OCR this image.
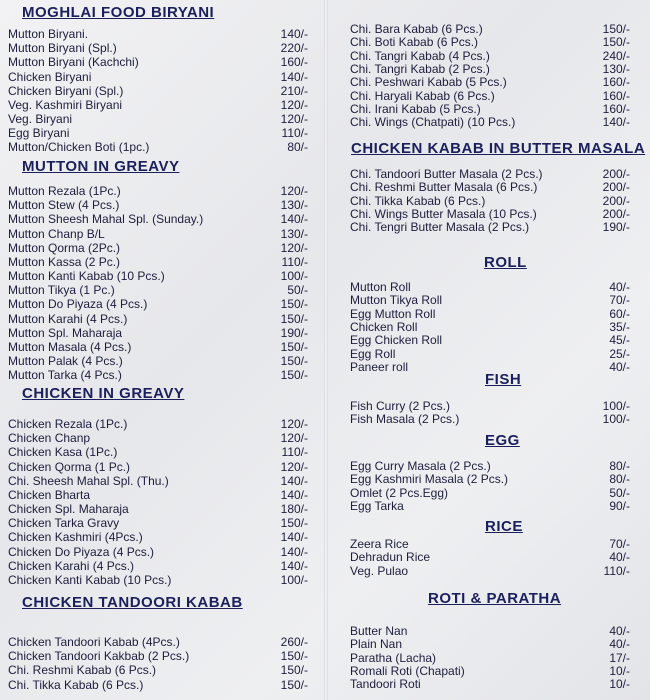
MOGHLAI FOOD BIRYANI
Mutton Biryani.	140/-
Mutton Biryani (Spl.)	220/-
Mutton Biryani (Kachchi)	160/-
Chicken Biryani	140/-
Chicken Biryani (Spl.)	210/-
Veg. Kashmiri Biryani	120/-
Veg. Biryani	120/-
Egg Biryani	110/-
Mutton/Chicken Boti (1pc.)	80/-
MUTTON IN GREAVY
Mutton Rezala (1Pc.)	120/-
Mutton Stew (4 Pcs.)	130/-
Mutton Sheesh Mahal Spl. (Sunday.)	140/-
Mutton Chanp B/L	130/-
Mutton Qorma (2Pc.)	120/-
Mutton Kassa (2 Pc.)	110/-
Mutton Kanti Kabab (10 Pcs.)	100/-
Mutton Tikya (1 Pc.)	50/-
Mutton Do Piyaza (4 Pcs.)	150/-
Mutton Karahi (4 Pcs.)	150/-
Mutton Spl. Maharaja	190/-
Mutton Masala (4 Pcs.)	150/-
Mutton Palak (4 Pcs.)	150/-
Mutton Tarka (4 Pcs.)	150/-
CHICKEN IN GREAVY
Chicken Rezala (1Pc.)	120/-
Chicken Chanp	120/-
Chicken Kasa (1Pc.)	110/-
Chicken Qorma (1 Pc.)	120/-
Chi. Sheesh Mahal Spl. (Thu.)	140/-
Chicken Bharta	140/-
Chicken Spl. Maharaja	180/-
Chicken Tarka Gravy	150/-
Chicken Kashmiri (4Pcs.)	140/-
Chicken Do Piyaza (4 Pcs.)	140/-
Chicken Karahi (4 Pcs.)	140/-
Chicken Kanti Kabab (10 Pcs.)	100/-
CHICKEN TANDOORI KABAB
Chicken Tandoori Kabab (4Pcs.)	260/-
Chicken Tandoori Kakbab (2 Pcs.)	150/-
Chi. Reshmi Kabab (6 Pcs.)	150/-
Chi. Tikka Kabab (6 Pcs.)	150/-
Chi. Bara Kabab (6 Pcs.)	150/-
Chi. Boti Kabab (6 Pcs.)	150/-
Chi. Tangri Kabab (4 Pcs.)	240/-
Chi. Tangri Kabab (2 Pcs.)	130/-
Chi. Peshwari Kabab (5 Pcs.)	160/-
Chi. Haryali Kabab (6 Pcs.)	160/-
Chi. Irani Kabab (5 Pcs.)	160/-
Chi. Wings (Chatpati) (10 Pcs.)	140/-
CHICKEN KABAB IN BUTTER MASALA
Chi. Tandoori Butter Masala (2 Pcs.)	200/-
Chi. Reshmi Butter Masala (6 Pcs.)	200/-
Chi. Tikka Kabab (6 Pcs.)	200/-
Chi. Wings Butter Masala (10 Pcs.)	200/-
Chi. Tengri Butter Masala (2 Pcs.)	190/-
ROLL
Mutton Roll	40/-
Mutton Tikya Roll	70/-
Egg Mutton Roll	60/-
Chicken Roll	35/-
Egg Chicken Roll	45/-
Egg Roll	25/-
Paneer roll	40/-
FISH
Fish Curry (2 Pcs.)	100/-
Fish Masala (2 Pcs.)	100/-
EGG
Egg Curry Masala (2 Pcs.)	80/-
Egg Kashmiri Masala (2 Pcs.)	80/-
Omlet (2 Pcs.Egg)	50/-
Egg Tarka	90/-
RICE
Zeera Rice	70/-
Dehradun Rice	40/-
Veg. Pulao	110/-
ROTI & PARATHA
Butter Nan	40/-
Plain Nan	40/-
Paratha (Lacha)	17/-
Romali Roti (Chapati)	10/-
Tandoori Roti	10/-
